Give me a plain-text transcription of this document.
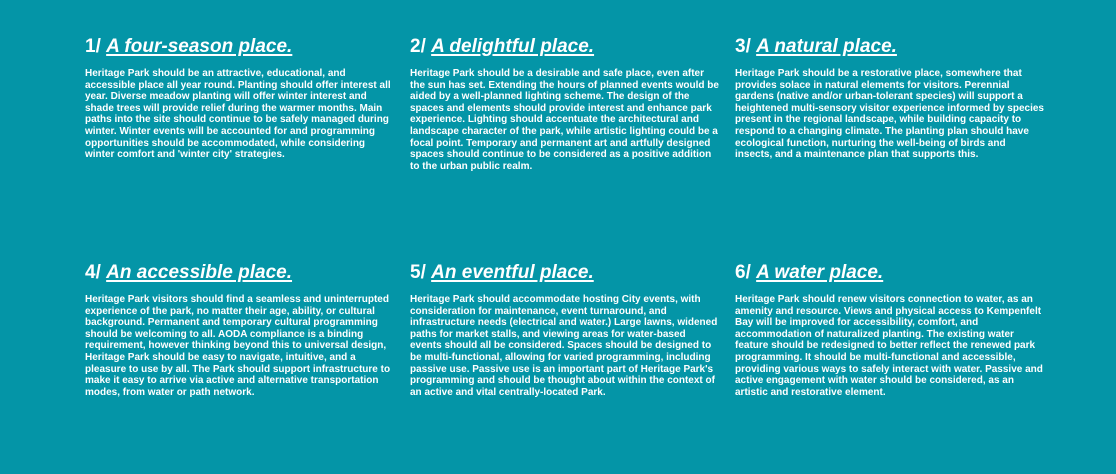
1/ A four-season place.

Heritage Park should be an attractive, educational, and accessible place all year round. Planting should offer interest all year. Diverse meadow planting will offer winter interest and shade trees will provide relief during the warmer months. Main paths into the site should continue to be safely managed during winter. Winter events will be accounted for and programming opportunities should be accommodated, while considering winter comfort and 'winter city' strategies.

2/ A delightful place.

Heritage Park should be a desirable and safe place, even after the sun has set. Extending the hours of planned events would be aided by a well-planned lighting scheme. The design of the spaces and elements should provide interest and enhance park experience. Lighting should accentuate the architectural and landscape character of the park, while artistic lighting could be a focal point. Temporary and permanent art and artfully designed spaces should continue to be considered as a positive addition to the urban public realm.

3/ A natural place.

Heritage Park should be a restorative place, somewhere that provides solace in natural elements for visitors. Perennial gardens (native and/or urban-tolerant species) will support a heightened multi-sensory visitor experience informed by species present in the regional landscape, while building capacity to respond to a changing climate. The planting plan should have ecological function, nurturing the well-being of birds and insects, and a maintenance plan that supports this.

4/ An accessible place.

Heritage Park visitors should find a seamless and uninterrupted experience of the park, no matter their age, ability, or cultural background. Permanent and temporary cultural programming should be welcoming to all. AODA compliance is a binding requirement, however thinking beyond this to universal design, Heritage Park should be easy to navigate, intuitive, and a pleasure to use by all. The Park should support infrastructure to make it easy to arrive via active and alternative transportation modes, from water or path network.

5/ An eventful place.

Heritage Park should accommodate hosting City events, with consideration for maintenance, event turnaround, and infrastructure needs (electrical and water.) Large lawns, widened paths for market stalls, and viewing areas for water-based events should all be considered. Spaces should be designed to be multi-functional, allowing for varied programming, including passive use. Passive use is an important part of Heritage Park's programming and should be thought about within the context of an active and vital centrally-located Park.

6/ A water place.

Heritage Park should renew visitors connection to water, as an amenity and resource. Views and physical access to Kempenfelt Bay will be improved for accessibility, comfort, and accommodation of naturalized planting. The existing water feature should be redesigned to better reflect the renewed park programming. It should be multi-functional and accessible, providing various ways to safely interact with water. Passive and active engagement with water should be considered, as an artistic and restorative element.
